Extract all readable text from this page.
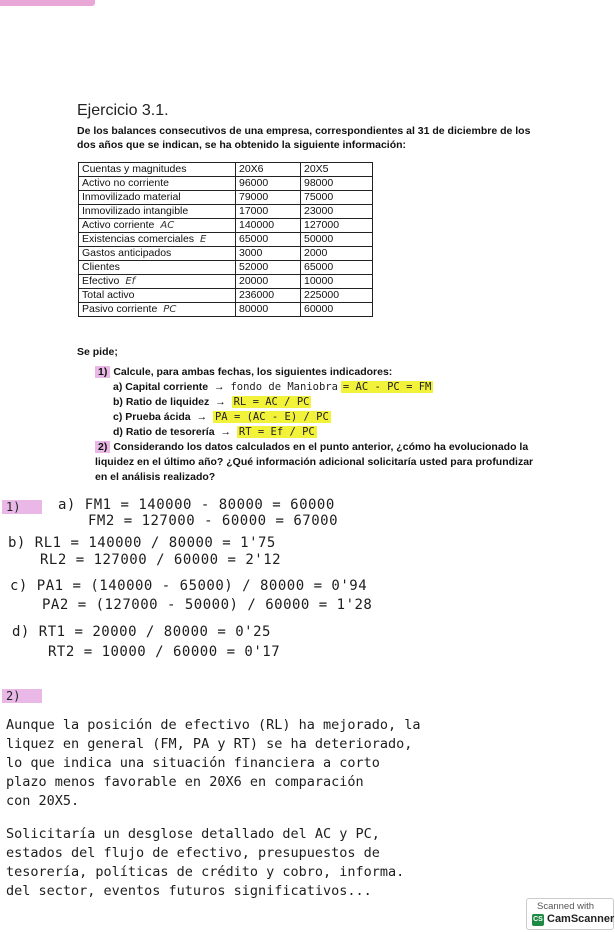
Ejercicio 3.1.
De los balances consecutivos de una empresa, correspondientes al 31 de diciembre de los dos años que se indican, se ha obtenido la siguiente información:
Cuentas y magnitudes	20X6	20X5
Activo no corriente	96000	98000
Inmovilizado material	79000	75000
Inmovilizado intangible	17000	23000
Activo corriente AC	140000	127000
Existencias comerciales E	65000	50000
Gastos anticipados	3000	2000
Clientes	52000	65000
Efectivo Ef	20000	10000
Total activo	236000	225000
Pasivo corriente PC	80000	60000
Se pide;
1) Calcule, para ambas fechas, los siguientes indicadores:
a) Capital corriente → fondo de Maniobra = AC - PC = FM
b) Ratio de liquidez → RL = AC / PC
c) Prueba ácida → PA = (AC - E) / PC
d) Ratio de tesorería → RT = Ef / PC
2) Considerando los datos calculados en el punto anterior, ¿cómo ha evolucionado la liquidez en el último año? ¿Qué información adicional solicitaría usted para profundizar en el análisis realizado?
1)	a) FM1 = 140000 - 80000 = 60000
FM2 = 127000 - 60000 = 67000
b) RL1 = 140000 / 80000 = 1'75
RL2 = 127000 / 60000 = 2'12
c) PA1 = (140000 - 65000) / 80000 = 0'94
PA2 = (127000 - 50000) / 60000 = 1'28
d) RT1 = 20000 / 80000 = 0'25
RT2 = 10000 / 60000 = 0'17
2)
Aunque la posición de efectivo (RL) ha mejorado, la
liquez en general (FM, PA y RT) se ha deteriorado,
lo que indica una situación financiera a corto
plazo menos favorable en 20X6 en comparación
con 20X5.
Solicitaría un desglose detallado del AC y PC,
estados del flujo de efectivo, presupuestos de
tesorería, políticas de crédito y cobro, informa.
del sector, eventos futuros significativos...
Scanned with
CS CamScanner
